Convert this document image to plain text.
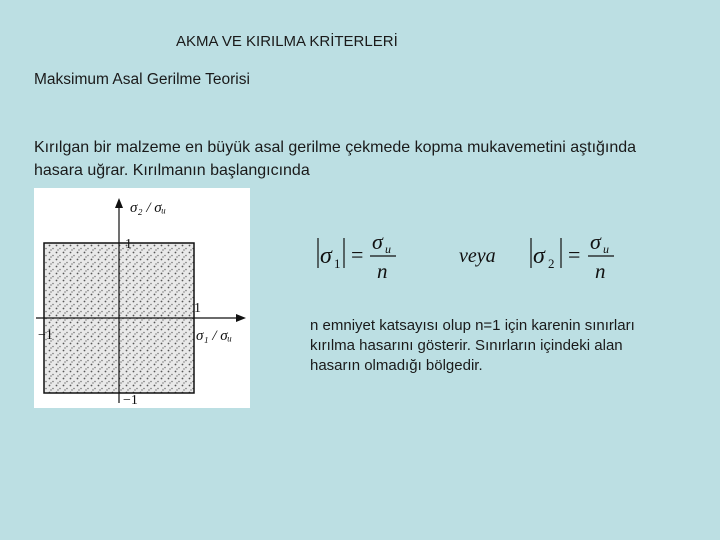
AKMA VE KIRILMA KRİTERLERİ
Maksimum Asal Gerilme Teorisi
Kırılgan bir malzeme en büyük asal gerilme çekmede kopma mukavemetini aştığında hasara uğrar. Kırılmanın başlangıcında
σ₂ / σᵤ
σ₁ / σᵤ
1
1
−1
−1
σ 1 =
σ u
n
veya σ 2 =
σ u
n
n emniyet katsayısı olup n=1 için karenin sınırları kırılma hasarını gösterir. Sınırların içindeki alan hasarın olmadığı bölgedir.
